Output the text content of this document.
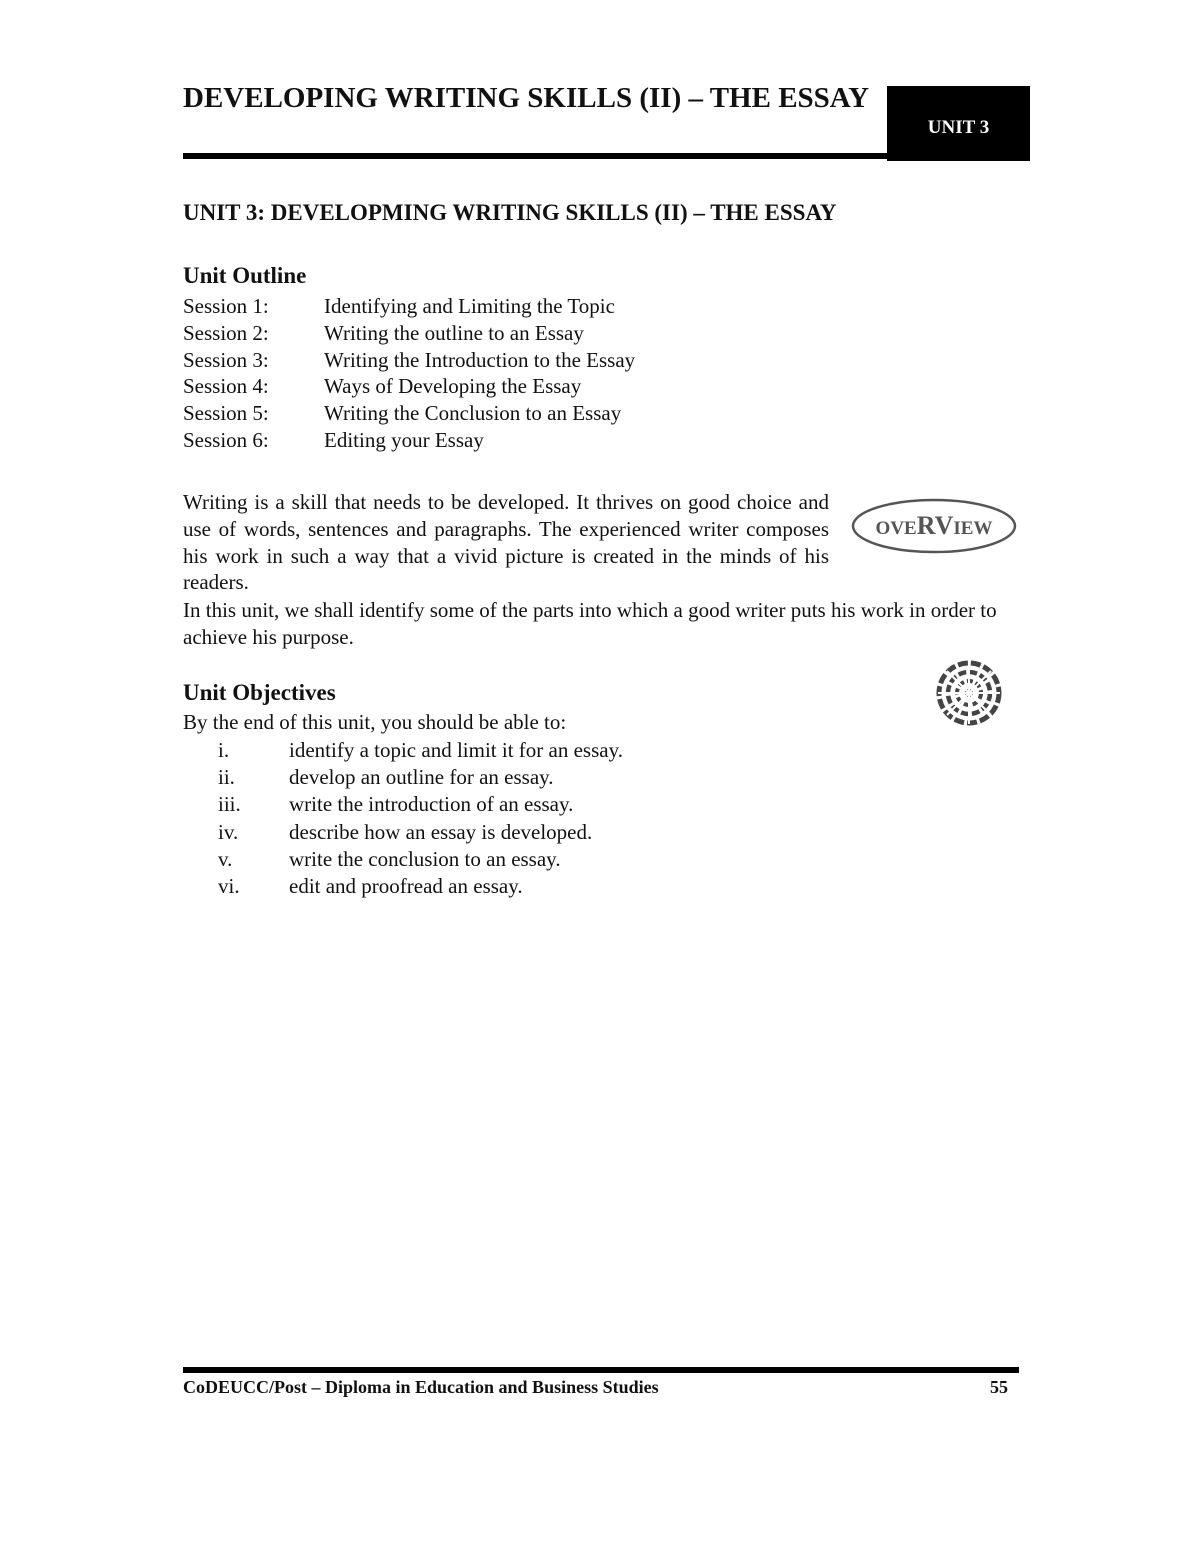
DEVELOPING WRITING SKILLS (II) – THE ESSAY
UNIT 3
UNIT 3: DEVELOPMING WRITING SKILLS (II) – THE ESSAY
Unit Outline
Session 1:	Identifying and Limiting the Topic
Session 2:	Writing the outline to an Essay
Session 3:	Writing the Introduction to the Essay
Session 4:	Ways of Developing the Essay
Session 5:	Writing the Conclusion to an Essay
Session 6:	Editing your Essay
Writing is a skill that needs to be developed. It thrives on good choice and use of words, sentences and paragraphs. The experienced writer composes his work in such a way that a vivid picture is created in the minds of his readers.
In this unit, we shall identify some of the parts into which a good writer puts his work in order to achieve his purpose.
OVERVIEW
Unit Objectives
By the end of this unit, you should be able to:
i.	identify a topic and limit it for an essay.
ii.	develop an outline for an essay.
iii.	write the introduction of an essay.
iv.	describe how an essay is developed.
v.	write the conclusion to an essay.
vi.	edit and proofread an essay.
CoDEUCC/Post – Diploma in Education and Business Studies	55
